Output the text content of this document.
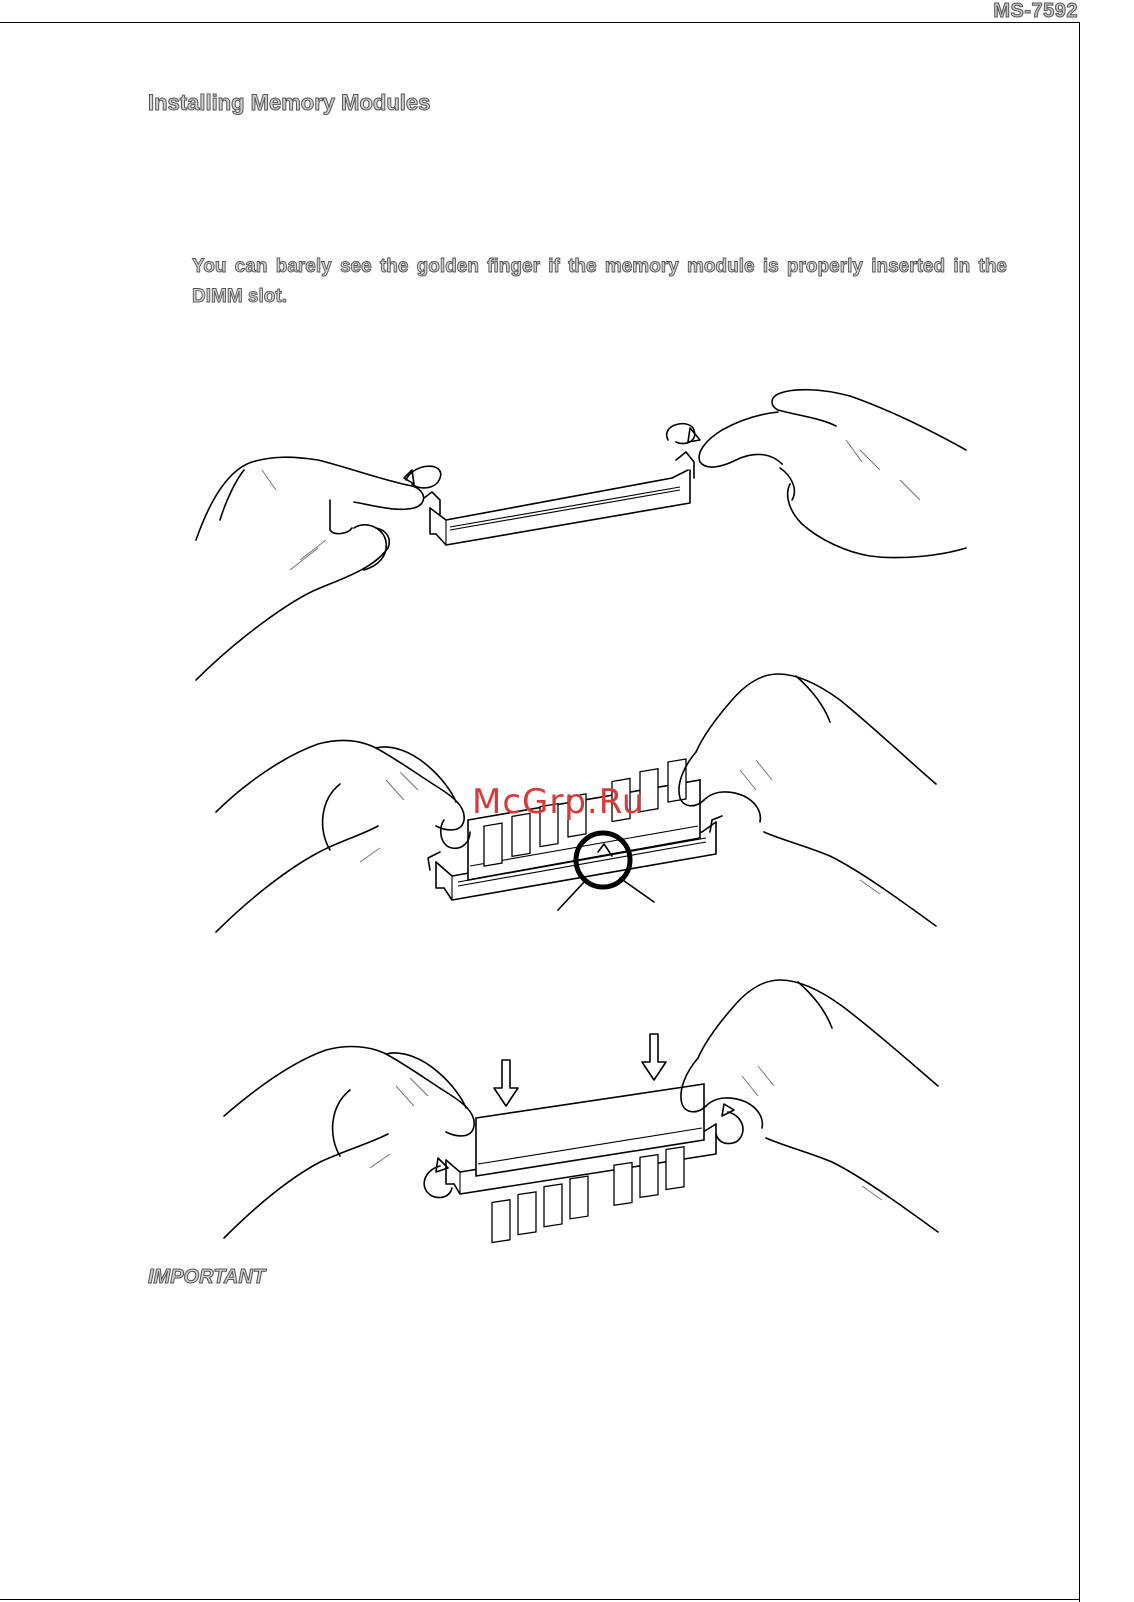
MS-7592
Installing Memory Modules
You can barely see the golden finger if the memory module is properly inserted in the DIMM slot.
McGrp.Ru
IMPORTANT
